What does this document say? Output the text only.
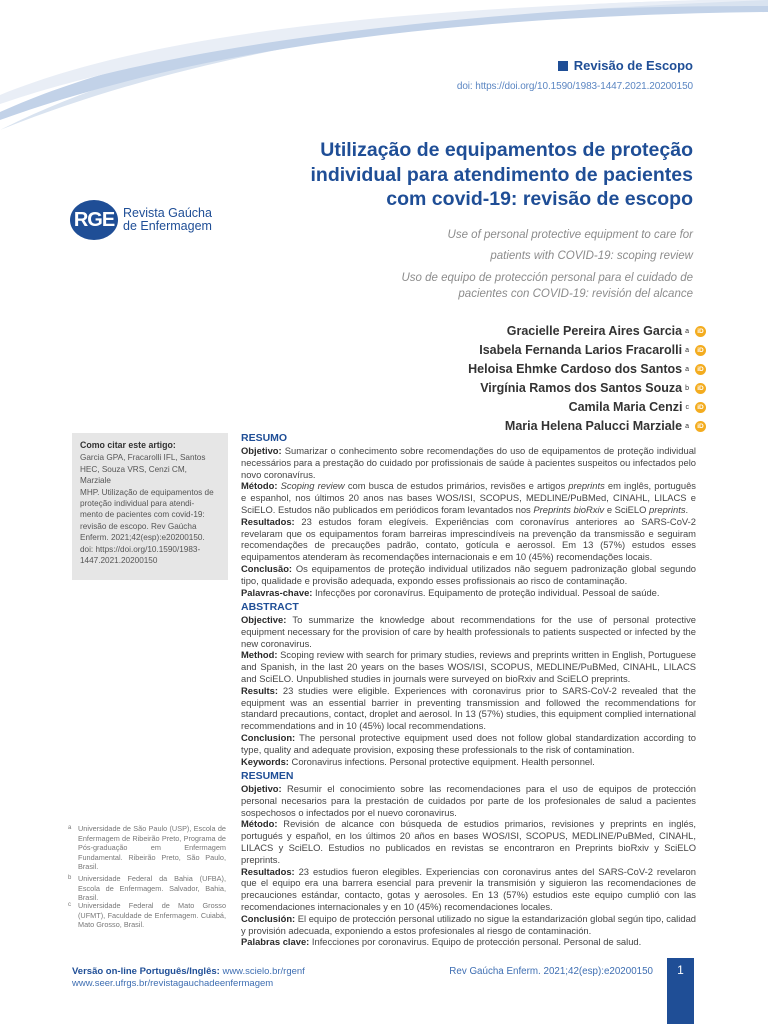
Revisão de Escopo
doi: https://doi.org/10.1590/1983-1447.2021.20200150
Utilização de equipamentos de proteção
individual para atendimento de pacientes
com covid-19: revisão de escopo
Use of personal protective equipment to care for
patients with COVID-19: scoping review
Uso de equipo de protección personal para el cuidado de
pacientes con COVID-19: revisión del alcance
RGE Revista Gaúcha
de Enfermagem
Gracielle Pereira Aires Garcia a	iD
Isabela Fernanda Larios Fracarolli a	iD
Heloisa Ehmke Cardoso dos Santos a	iD
Virgínia Ramos dos Santos Souza b	iD
Camila Maria Cenzi c	iD
Maria Helena Palucci Marziale a	iD
Como citar este artigo:
Garcia GPA, Fracarolli IFL, Santos
HEC, Souza VRS, Cenzi CM, Marziale
MHP. Utilização de equipamentos de
proteção individual para atendi-
mento de pacientes com covid-19:
revisão de escopo. Rev Gaúcha
Enferm. 2021;42(esp):e20200150.
doi: https://doi.org/10.1590/1983-
1447.2021.20200150
a Universidade de São Paulo (USP), Escola de Enfermagem de Ribeirão Preto, Programa de Pós-graduação em Enfermagem Fundamental. Ribeirão Preto, São Paulo, Brasil.
b Universidade Federal da Bahia (UFBA), Escola de Enfermagem. Salvador, Bahia, Brasil.
c Universidade Federal de Mato Grosso (UFMT), Faculdade de Enfermagem. Cuiabá, Mato Grosso, Brasil.
RESUMO

Objetivo: Sumarizar o conhecimento sobre recomendações do uso de equipamentos de proteção individual necessários para a prestação do cuidado por profissionais de saúde à pacientes suspeitos ou infectados pelo novo coronavírus.

Método: Scoping review com busca de estudos primários, revisões e artigos preprints em inglês, português e espanhol, nos últimos 20 anos nas bases WOS/ISI, SCOPUS, MEDLINE/PuBMed, CINAHL, LILACS e SciELO. Estudos não publicados em periódicos foram levantados nos Preprints bioRxiv e SciELO preprints.

Resultados: 23 estudos foram elegíveis. Experiências com coronavírus anteriores ao SARS-CoV-2 revelaram que os equipamentos foram barreiras imprescindíveis na prevenção da transmissão e seguiram recomendações de precauções padrão, contato, gotícula e aerossol. Em 13 (57%) estudos esses equipamentos atenderam às recomendações internacionais e em 10 (45%) recomendações locais.

Conclusão: Os equipamentos de proteção individual utilizados não seguem padronização global segundo tipo, qualidade e provisão adequada, expondo esses profissionais ao risco de contaminação.

Palavras-chave: Infecções por coronavírus. Equipamento de proteção individual. Pessoal de saúde.

ABSTRACT

Objective: To summarize the knowledge about recommendations for the use of personal protective equipment necessary for the provision of care by health professionals to patients suspected or infected by the new coronavirus.

Method: Scoping review with search for primary studies, reviews and preprints written in English, Portuguese and Spanish, in the last 20 years on the bases WOS/ISI, SCOPUS, MEDLINE/PuBMed, CINAHL, LILACS and SciELO. Unpublished studies in journals were surveyed on bioRxiv and SciELO preprints.

Results: 23 studies were eligible. Experiences with coronavirus prior to SARS-CoV-2 revealed that the equipment was an essential barrier in preventing transmission and followed the recommendations for standard precautions, contact, droplet and aerosol. In 13 (57%) studies, this equipment complied international recommendations and in 10 (45%) local recommendations.

Conclusion: The personal protective equipment used does not follow global standardization according to type, quality and adequate provision, exposing these professionals to the risk of contamination.

Keywords: Coronavirus infections. Personal protective equipment. Health personnel.

RESUMEN

Objetivo: Resumir el conocimiento sobre las recomendaciones para el uso de equipos de protección personal necesarios para la prestación de cuidados por parte de los profesionales de salud a pacientes sospechosos o infectados por el nuevo coronavirus.

Método: Revisión de alcance con búsqueda de estudios primarios, revisiones y preprints en inglés, portugués y español, en los últimos 20 años en bases WOS/ISI, SCOPUS, MEDLINE/PuBMed, CINAHL, LILACS y SciELO. Estudios no publicados en revistas se encontraron en Preprints bioRxiv y SciELO preprints.

Resultados: 23 estudios fueron elegibles. Experiencias con coronavirus antes del SARS-CoV-2 revelaron que el equipo era una barrera esencial para prevenir la transmisión y siguieron las recomendaciones de precauciones estándar, contacto, gotas y aerosoles. En 13 (57%) estudios este equipo cumplió con las recomendaciones internacionales y en 10 (45%) recomendaciones locales.

Conclusión: El equipo de protección personal utilizado no sigue la estandarización global según tipo, calidad y provisión adecuada, exponiendo a estos profesionales al riesgo de contaminación.

Palabras clave: Infecciones por coronavirus. Equipo de protección personal. Personal de salud.

Versão on-line Português/Inglês: www.scielo.br/rgenf
www.seer.ufrgs.br/revistagauchadeenfermagem
Rev Gaúcha Enferm. 2021;42(esp):e20200150	1
